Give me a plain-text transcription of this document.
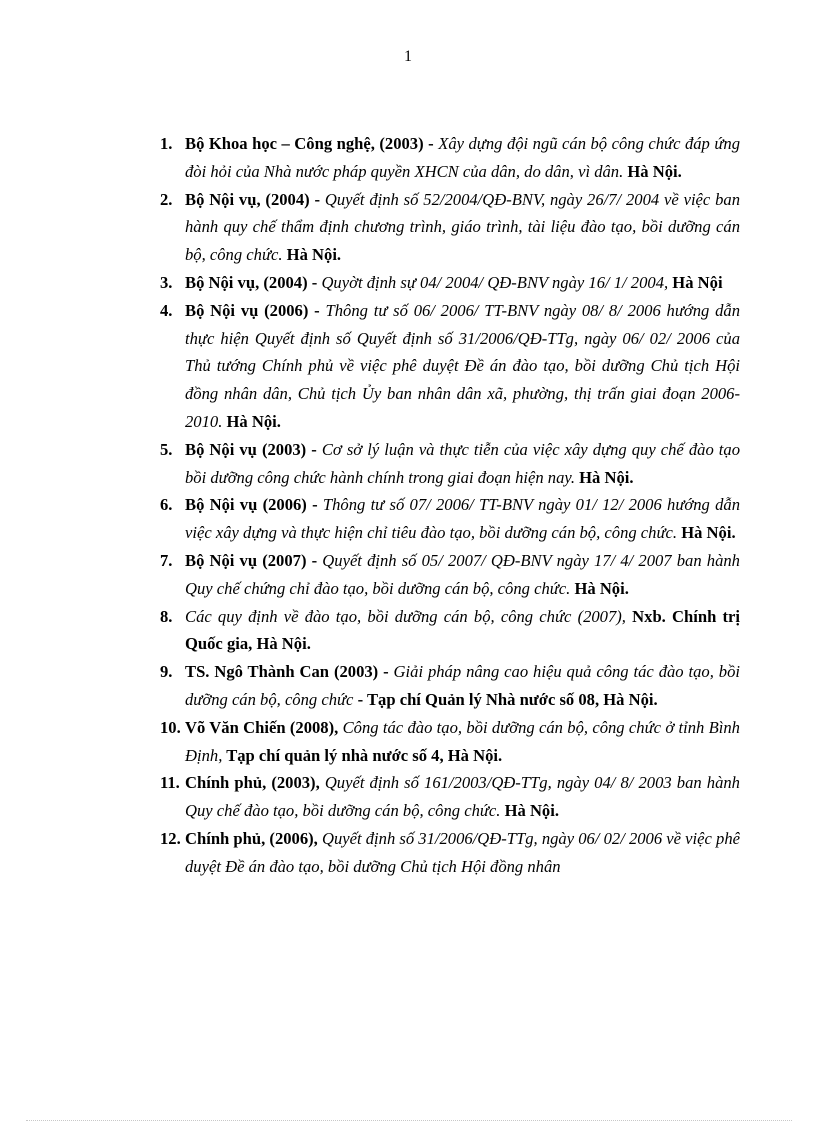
1
1. Bộ Khoa học – Công nghệ, (2003) - Xây dựng đội ngũ cán bộ công chức đáp ứng đòi hỏi của Nhà nước pháp quyền XHCN của dân, do dân, vì dân. Hà Nội.
2. Bộ Nội vụ, (2004) - Quyết định số 52/2004/QĐ-BNV, ngày 26/7/ 2004 về việc ban hành quy chế thẩm định chương trình, giáo trình, tài liệu đào tạo, bồi dưỡng cán bộ, công chức. Hà Nội.
3. Bộ Nội vụ, (2004) - Quyờt định sự 04/ 2004/ QĐ-BNV ngày 16/ 1/ 2004, Hà Nội
4. Bộ Nội vụ (2006) - Thông tư số 06/ 2006/ TT-BNV ngày 08/ 8/ 2006 hướng dẫn thực hiện Quyết định số Quyết định số 31/2006/QĐ-TTg, ngày 06/ 02/ 2006 của Thủ tướng Chính phủ về việc phê duyệt Đề án đào tạo, bồi dưỡng Chủ tịch Hội đồng nhân dân, Chủ tịch Ủy ban nhân dân xã, phường, thị trấn giai đoạn 2006-2010. Hà Nội.
5. Bộ Nội vụ (2003) - Cơ sở lý luận và thực tiễn của việc xây dựng quy chế đào tạo bồi dưỡng công chức hành chính trong giai đoạn hiện nay. Hà Nội.
6. Bộ Nội vụ (2006) - Thông tư số 07/ 2006/ TT-BNV ngày 01/ 12/ 2006 hướng dẫn việc xây dựng và thực hiện chỉ tiêu đào tạo, bồi dưỡng cán bộ, công chức. Hà Nội.
7. Bộ Nội vụ (2007) - Quyết định số 05/ 2007/ QĐ-BNV ngày 17/ 4/ 2007 ban hành Quy chế chứng chỉ đào tạo, bồi dưỡng cán bộ, công chức. Hà Nội.
8. Các quy định về đào tạo, bồi dưỡng cán bộ, công chức (2007), Nxb. Chính trị Quốc gia, Hà Nội.
9. TS. Ngô Thành Can (2003) - Giải pháp nâng cao hiệu quả công tác đào tạo, bồi dưỡng cán bộ, công chức - Tạp chí Quản lý Nhà nước số 08, Hà Nội.
10. Võ Văn Chiến (2008), Công tác đào tạo, bồi dưỡng cán bộ, công chức ở tỉnh Bình Định, Tạp chí quản lý nhà nước số 4, Hà Nội.
11. Chính phủ, (2003), Quyết định số 161/2003/QĐ-TTg, ngày 04/ 8/ 2003 ban hành Quy chế đào tạo, bồi dưỡng cán bộ, công chức. Hà Nội.
12. Chính phủ, (2006), Quyết định số 31/2006/QĐ-TTg, ngày 06/ 02/ 2006 về việc phê duyệt Đề án đào tạo, bồi dưỡng Chủ tịch Hội đồng nhân
